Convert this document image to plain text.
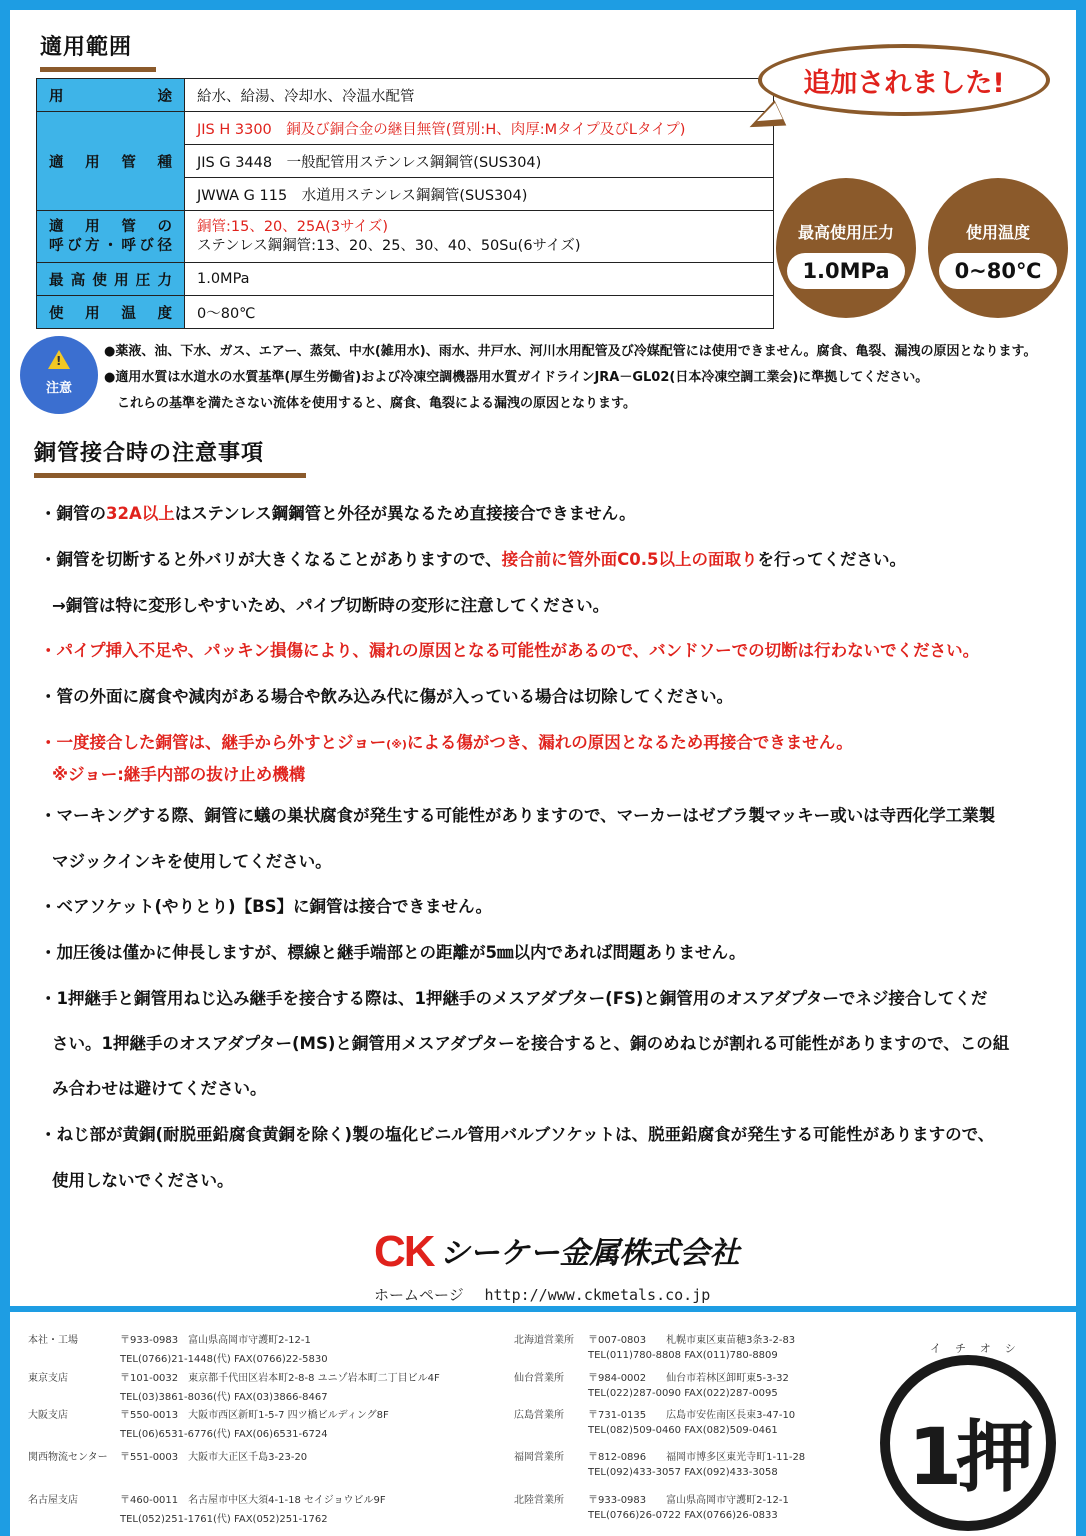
適用範囲
用途	給水、給湯、冷却水、冷温水配管
適用管種	JIS H 3300　銅及び銅合金の継目無管(質別:H、肉厚:Mタイプ及びLタイプ)
	JIS G 3448　一般配管用ステンレス鋼鋼管(SUS304)
	JWWA G 115　水道用ステンレス鋼鋼管(SUS304)

適用管の
呼び方・呼び径	銅管:15、20、25A(3サイズ)
ステンレス鋼鋼管:13、20、25、30、40、50Su(6サイズ)

最高使用圧力	1.0MPa
使用温度	0～80℃
追加されました!
最高使用圧力
1.0MPa
使用温度
0~80℃
!
注意
●薬液、油、下水、ガス、エアー、蒸気、中水(雑用水)、雨水、井戸水、河川水用配管及び冷媒配管には使用できません。腐食、亀裂、漏洩の原因となります。
●適用水質は水道水の水質基準(厚生労働省)および冷凍空調機器用水質ガイドラインJRA－GL02(日本冷凍空調工業会)に準拠してください。
　これらの基準を満たさない流体を使用すると、腐食、亀裂による漏洩の原因となります。
銅管接合時の注意事項
・銅管の32A以上はステンレス鋼鋼管と外径が異なるため直接接合できません。
・銅管を切断すると外バリが大きくなることがありますので、接合前に管外面C0.5以上の面取りを行ってください。
→銅管は特に変形しやすいため、パイプ切断時の変形に注意してください。
・パイプ挿入不足や、パッキン損傷により、漏れの原因となる可能性があるので、バンドソーでの切断は行わないでください。
・管の外面に腐食や減肉がある場合や飲み込み代に傷が入っている場合は切除してください。
・一度接合した銅管は、継手から外すとジョー(※)による傷がつき、漏れの原因となるため再接合できません。
※ジョー:継手内部の抜け止め機構
・マーキングする際、銅管に蟻の巣状腐食が発生する可能性がありますので、マーカーはゼブラ製マッキー或いは寺西化学工業製
マジックインキを使用してください。
・ベアソケット(やりとり)【BS】に銅管は接合できません。
・加圧後は僅かに伸長しますが、標線と継手端部との距離が5㎜以内であれば問題ありません。
・1押継手と銅管用ねじ込み継手を接合する際は、1押継手のメスアダプター(FS)と銅管用のオスアダプターでネジ接合してくだ
さい。1押継手のオスアダプター(MS)と銅管用メスアダプターを接合すると、銅のめねじが割れる可能性がありますので、この組
み合わせは避けてください。
・ねじ部が黄銅(耐脱亜鉛腐食黄銅を除く)製の塩化ビニル管用バルブソケットは、脱亜鉛腐食が発生する可能性がありますので、
使用しないでください。
CK シーケー金属株式会社
ホームページ http://www.ckmetals.co.jp
本社・工場	〒933-0983　富山県高岡市守護町2-12-1
TEL(0766)21-1448(代) FAX(0766)22-5830
東京支店	〒101-0032　東京都千代田区岩本町2-8-8 ユニゾ岩本町二丁目ビル4F
TEL(03)3861-8036(代) FAX(03)3866-8467
大阪支店	〒550-0013　大阪市西区新町1-5-7 四ツ橋ビルディング8F
TEL(06)6531-6776(代) FAX(06)6531-6724
関西物流センター 〒551-0003　大阪市大正区千島3-23-20
名古屋支店	〒460-0011　名古屋市中区大須4-1-18 セイジョウビル9F
TEL(052)251-1761(代) FAX(052)251-1762
北海道営業所 〒007-0803　　札幌市東区東苗穂3条3-2-83
TEL(011)780-8808 FAX(011)780-8809
仙台営業所 〒984-0002　　仙台市若林区卸町東5-3-32
TEL(022)287-0090 FAX(022)287-0095
広島営業所 〒731-0135　　広島市安佐南区長束3-47-10
TEL(082)509-0460 FAX(082)509-0461
福岡営業所 〒812-0896　　福岡市博多区東光寺町1-11-28
TEL(092)433-3057 FAX(092)433-3058
北陸営業所 〒933-0983　　富山県高岡市守護町2-12-1
TEL(0766)26-0722 FAX(0766)26-0833
イチオシ
1押
